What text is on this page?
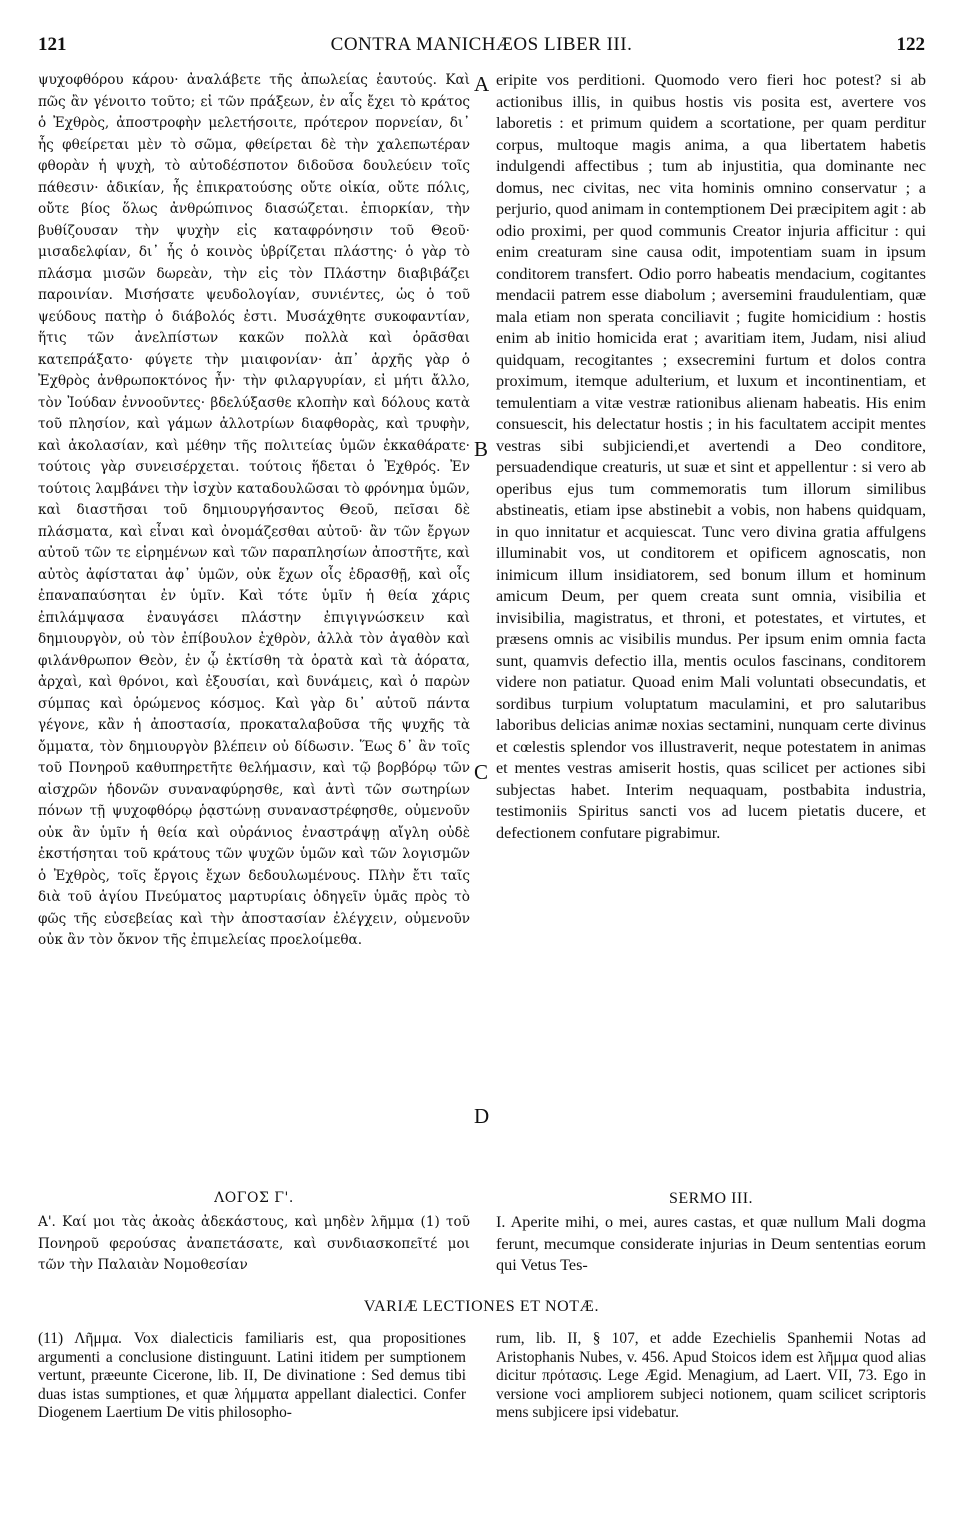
121	CONTRA MANICHÆOS LIBER III.	122

ψυχοφθόρου κάρου· ἀναλάβετε τῆς ἀπωλείας ἑαυτούς. Καὶ πῶς ἂν γένοιτο τοῦτο; εἰ τῶν πράξεων, ἐν αἷς ἔχει τὸ κράτος ὁ Ἐχθρὸς, ἀποστροφὴν μελετήσοιτε, πρότερον πορνείαν, δι᾽ ἧς φθείρεται μὲν τὸ σῶμα, φθείρεται δὲ τὴν χαλεπωτέραν φθορὰν ἡ ψυχὴ, τὸ αὐτοδέσποτον διδοῦσα δουλεύειν τοῖς πάθεσιν· ἀδικίαν, ἧς ἐπικρατούσης οὔτε οἰκία, οὔτε πόλις, οὔτε βίος ὅλως ἀνθρώπινος διασώζεται. ἐπιορκίαν, τὴν βυθίζουσαν τὴν ψυχὴν εἰς καταφρόνησιν τοῦ Θεοῦ· μισαδελφίαν, δι᾽ ἧς ὁ κοινὸς ὑβρίζεται πλάστης· ὁ γὰρ τὸ πλάσμα μισῶν δωρεὰν, τὴν εἰς τὸν Πλάστην διαβιβάζει παροινίαν. Μισήσατε ψευδολογίαν, συνιέντες, ὡς ὁ τοῦ ψεύδους πατὴρ ὁ διάβολός ἐστι. Μυσάχθητε συκοφαντίαν, ἥτις τῶν ἀνελπίστων κακῶν πολλὰ καὶ ὁρᾶσθαι κατεπράξατο· φύγετε τὴν μιαιφονίαν· ἀπ᾽ ἀρχῆς γὰρ ὁ Ἐχθρὸς ἀνθρωποκτόνος ἦν· τὴν φιλαργυρίαν, εἰ μήτι ἄλλο, τὸν Ἰούδαν ἐννοοῦντες· βδελύξασθε κλοπὴν καὶ δόλους κατὰ τοῦ πλησίον, καὶ γάμων ἀλλοτρίων διαφθορὰς, καὶ τρυφὴν, καὶ ἀκολασίαν, καὶ μέθην τῆς πολιτείας ὑμῶν ἐκκαθάρατε· τούτοις γὰρ συνεισέρχεται. τούτοις ἥδεται ὁ Ἐχθρός. Ἐν τούτοις λαμβάνει τὴν ἰσχὺν καταδουλῶσαι τὸ φρόνημα ὑμῶν, καὶ διαστῆσαι τοῦ δημιουργήσαντος Θεοῦ, πεῖσαι δὲ πλάσματα, καὶ εἶναι καὶ ὀνομάζεσθαι αὐτοῦ· ἂν τῶν ἔργων αὐτοῦ τῶν τε εἰρημένων καὶ τῶν παραπλησίων ἀποστῆτε, καὶ αὐτὸς ἀφίσταται ἀφ᾽ ὑμῶν, οὐκ ἔχων οἷς ἑδρασθῇ, καὶ οἷς ἐπαναπαύσηται ἐν ὑμῖν. Καὶ τότε ὑμῖν ἡ θεία χάρις ἐπιλάμψασα ἐναυγάσει πλάστην ἐπιγιγνώσκειν καὶ δημιουργὸν, οὐ τὸν ἐπίβουλον ἐχθρὸν, ἀλλὰ τὸν ἀγαθὸν καὶ φιλάνθρωπον Θεὸν, ἐν ᾧ ἐκτίσθη τὰ ὁρατὰ καὶ τὰ ἀόρατα, ἀρχαὶ, καὶ θρόνοι, καὶ ἐξουσίαι, καὶ δυνάμεις, καὶ ὁ παρὼν σύμπας καὶ ὁρώμενος κόσμος. Καὶ γὰρ δι᾽ αὐτοῦ πάντα γέγονε, κἂν ἡ ἀποστασία, προκαταλαβοῦσα τῆς ψυχῆς τὰ ὄμματα, τὸν δημιουργὸν βλέπειν οὐ δίδωσιν. Ἕως δ᾽ ἂν τοῖς τοῦ Πονηροῦ καθυπηρετῆτε θελήμασιν, καὶ τῷ βορβόρῳ τῶν αἰσχρῶν ἡδονῶν συναναφύρησθε, καὶ ἀντὶ τῶν σωτηρίων πόνων τῇ ψυχοφθόρῳ ῥᾳστώνῃ συναναστρέφησθε, οὐμενοῦν οὐκ ἂν ὑμῖν ἡ θεία καὶ οὐράνιος ἐναστράψῃ αἴγλη οὐδὲ ἐκστήσηται τοῦ κράτους τῶν ψυχῶν ὑμῶν καὶ τῶν λογισμῶν ὁ Ἐχθρὸς, τοῖς ἔργοις ἔχων δεδουλωμένους. Πλὴν ἔτι ταῖς διὰ τοῦ ἁγίου Πνεύματος μαρτυρίαις ὁδηγεῖν ὑμᾶς πρὸς τὸ φῶς τῆς εὐσεβείας καὶ τὴν ἀποστασίαν ἐλέγχειν, οὐμενοῦν οὐκ ἂν τὸν ὄκνον τῆς ἐπιμελείας προελοίμεθα.

eripite vos perditioni. Quomodo vero fieri hoc potest? si ab actionibus illis, in quibus hostis vis posita est, avertere vos laboretis : et primum quidem a scortatione, per quam perditur corpus, multoque magis anima, a qua libertatem habetis indulgendi affectibus ; tum ab injustitia, qua dominante nec domus, nec civitas, nec vita hominis omnino conservatur ; a perjurio, quod animam in contemptionem Dei præcipitem agit : ab odio proximi, per quod communis Creator injuria afficitur : qui enim creaturam sine causa odit, impotentiam suam in ipsum conditorem transfert. Odio porro habeatis mendacium, cogitantes mendacii patrem esse diabolum ; aversemini fraudulentiam, quæ mala etiam non sperata conciliavit ; fugite homicidium : hostis enim ab initio homicida erat ; avaritiam item, Judam, nisi aliud quidquam, recogitantes ; exsecremini furtum et dolos contra proximum, itemque adulterium, et luxum et incontinentiam, et temulentiam a vitæ vestræ rationibus alienam habeatis. His enim consuescit, his delectatur hostis ; in his facultatem accipit mentes vestras sibi subjiciendi,et avertendi a Deo conditore, persuadendique creaturis, ut suæ et sint et appellentur : si vero ab operibus ejus tum commemoratis tum illorum similibus abstineatis, etiam ipse abstinebit a vobis, non habens quidquam, in quo innitatur et acquiescat. Tunc vero divina gratia affulgens illuminabit vos, ut conditorem et opificem agnoscatis, non inimicum illum insidiatorem, sed bonum illum et hominum amicum Deum, per quem creata sunt omnia, visibilia et invisibilia, magistratus, et throni, et potestates, et virtutes, et præsens omnis ac visibilis mundus. Per ipsum enim omnia facta sunt, quamvis defectio illa, mentis oculos fascinans, conditorem videre non patiatur. Quoad enim Mali voluntati obsecundatis, et sordibus turpium voluptatum maculamini, et pro salutaribus laboribus delicias animæ noxias sectamini, nunquam certe divinus et cœlestis splendor vos illustraverit, neque potestatem in animas et mentes vestras amiserit hostis, quas scilicet per actiones sibi subjectas habet. Interim nequaquam, postbabita industria, testimoniis Spiritus sancti vos ad lucem pietatis ducere, et defectionem confutare pigrabimur.

A
B
C
D
ΛΟΓΟΣ Γ'.	SERMO III.

Α'. Καί μοι τὰς ἀκοὰς ἀδεκάστους, καὶ μηδὲν λῆμμα (1) τοῦ Πονηροῦ φερούσας ἀναπετάσατε, καὶ συνδιασκοπεῖτέ μοι τῶν τὴν Παλαιὰν Νομοθεσίαν

I. Aperite mihi, o mei, aures castas, et quæ nullum Mali dogma ferunt, mecumque considerate injurias in Deum sententias eorum qui Vetus Tes-

VARIÆ LECTIONES ET NOTÆ.

(11) Λῆμμα. Vox dialecticis familiaris est, qua propositiones argumenti a conclusione distinguunt. Latini itidem per sumptionem vertunt, præeunte Cicerone, lib. II, De divinatione : Sed demus tibi duas istas sumptiones, et quæ λήμματα appellant dialectici. Confer Diogenem Laertium De vitis philosopho-

rum, lib. II, § 107, et adde Ezechielis Spanhemii Notas ad Aristophanis Nubes, v. 456. Apud Stoicos idem est λῆμμα quod alias dicitur πρότασις. Lege Ægid. Menagium, ad Laert. VII, 73. Ego in versione voci ampliorem subjeci notionem, quam scilicet scriptoris mens subjicere ipsi videbatur.
